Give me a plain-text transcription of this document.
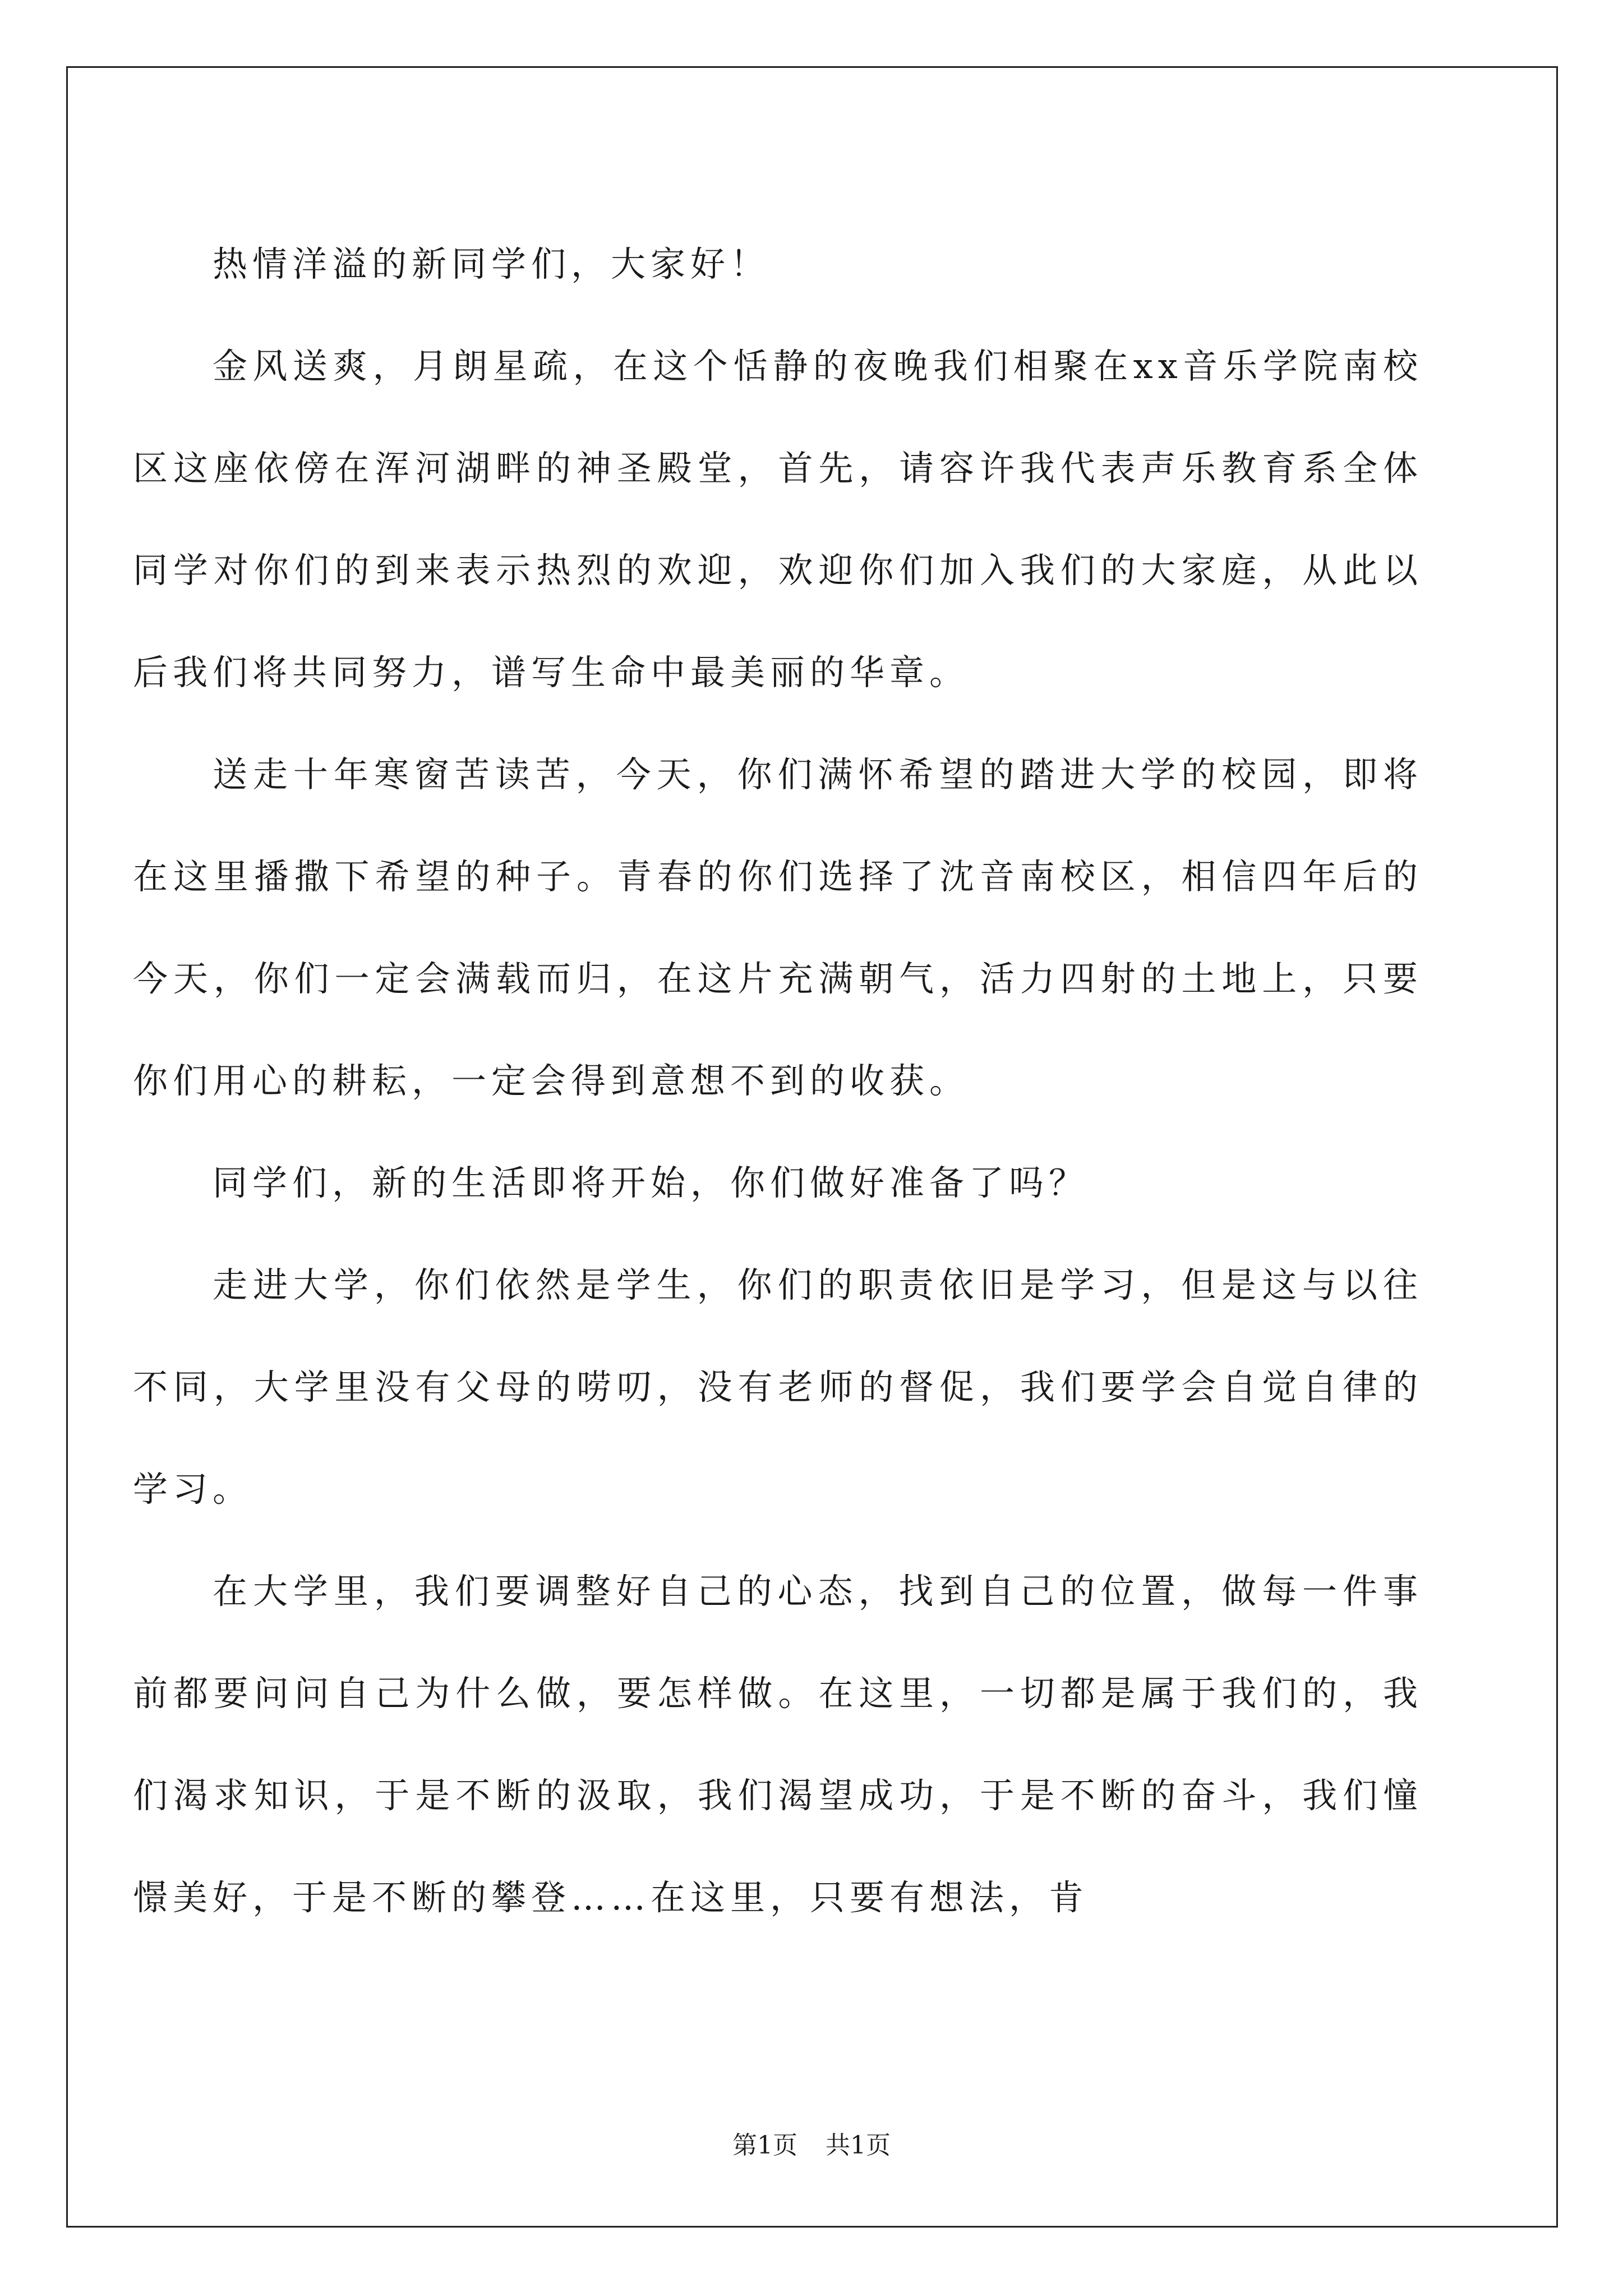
热情洋溢的新同学们，大家好！

金风送爽，月朗星疏，在这个恬静的夜晚我们相聚在xx音乐学院南校区这座依傍在浑河湖畔的神圣殿堂，首先，请容许我代表声乐教育系全体同学对你们的到来表示热烈的欢迎，欢迎你们加入我们的大家庭，从此以后我们将共同努力，谱写生命中最美丽的华章。

送走十年寒窗苦读苦，今天，你们满怀希望的踏进大学的校园，即将在这里播撒下希望的种子。青春的你们选择了沈音南校区，相信四年后的今天，你们一定会满载而归，在这片充满朝气，活力四射的土地上，只要你们用心的耕耘，一定会得到意想不到的收获。

同学们，新的生活即将开始，你们做好准备了吗？

走进大学，你们依然是学生，你们的职责依旧是学习，但是这与以往不同，大学里没有父母的唠叨，没有老师的督促，我们要学会自觉自律的学习。

在大学里，我们要调整好自己的心态，找到自己的位置，做每一件事前都要问问自己为什么做，要怎样做。在这里，一切都是属于我们的，我们渴求知识，于是不断的汲取，我们渴望成功，于是不断的奋斗，我们憧憬美好，于是不断的攀登……在这里，只要有想法，肯

第1页 共1页
